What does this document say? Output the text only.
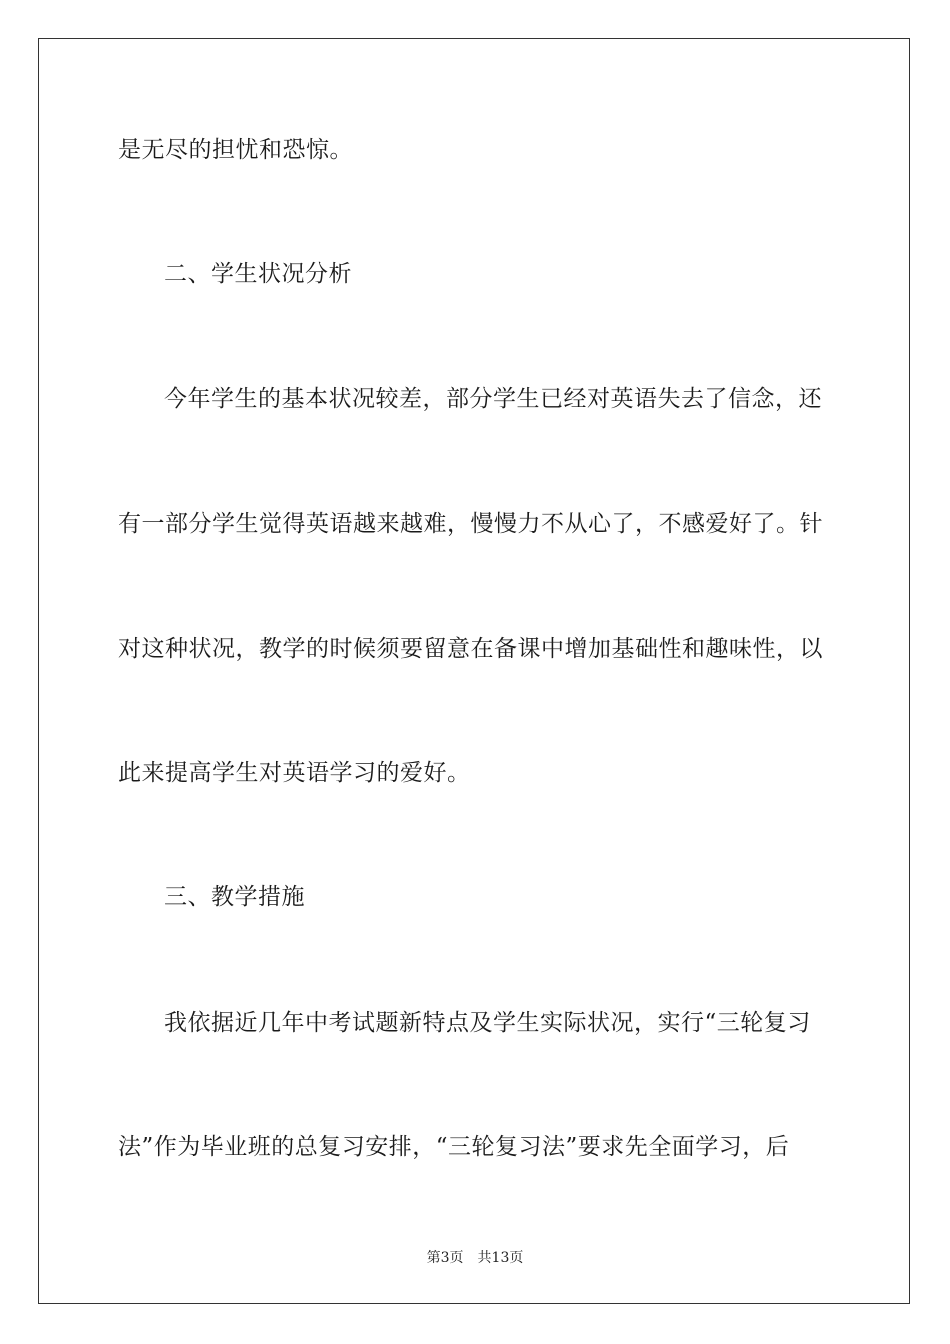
是无尽的担忧和恐惊。
二、学生状况分析
今年学生的基本状况较差，部分学生已经对英语失去了信念，还
有一部分学生觉得英语越来越难，慢慢力不从心了，不感爱好了。针
对这种状况，教学的时候须要留意在备课中增加基础性和趣味性，以
此来提高学生对英语学习的爱好。
三、教学措施
我依据近几年中考试题新特点及学生实际状况，实行“三轮复习
法”作为毕业班的总复习安排，“三轮复习法”要求先全面学习，后
第3页 共13页
